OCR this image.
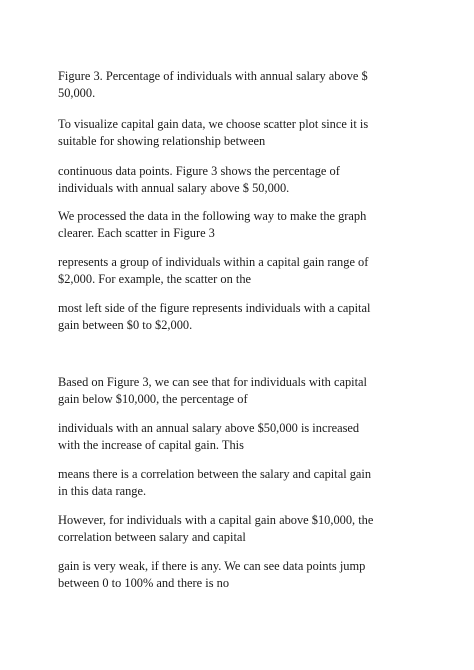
Figure 3. Percentage of individuals with annual salary above $
50,000.

To visualize capital gain data, we choose scatter plot since it is
suitable for showing relationship between

continuous data points. Figure 3 shows the percentage of
individuals with annual salary above $ 50,000.

We processed the data in the following way to make the graph
clearer. Each scatter in Figure 3

represents a group of individuals within a capital gain range of
$2,000. For example, the scatter on the

most left side of the figure represents individuals with a capital
gain between $0 to $2,000.

Based on Figure 3, we can see that for individuals with capital
gain below $10,000, the percentage of

individuals with an annual salary above $50,000 is increased
with the increase of capital gain. This

means there is a correlation between the salary and capital gain
in this data range.

However, for individuals with a capital gain above $10,000, the
correlation between salary and capital

gain is very weak, if there is any. We can see data points jump
between 0 to 100% and there is no
